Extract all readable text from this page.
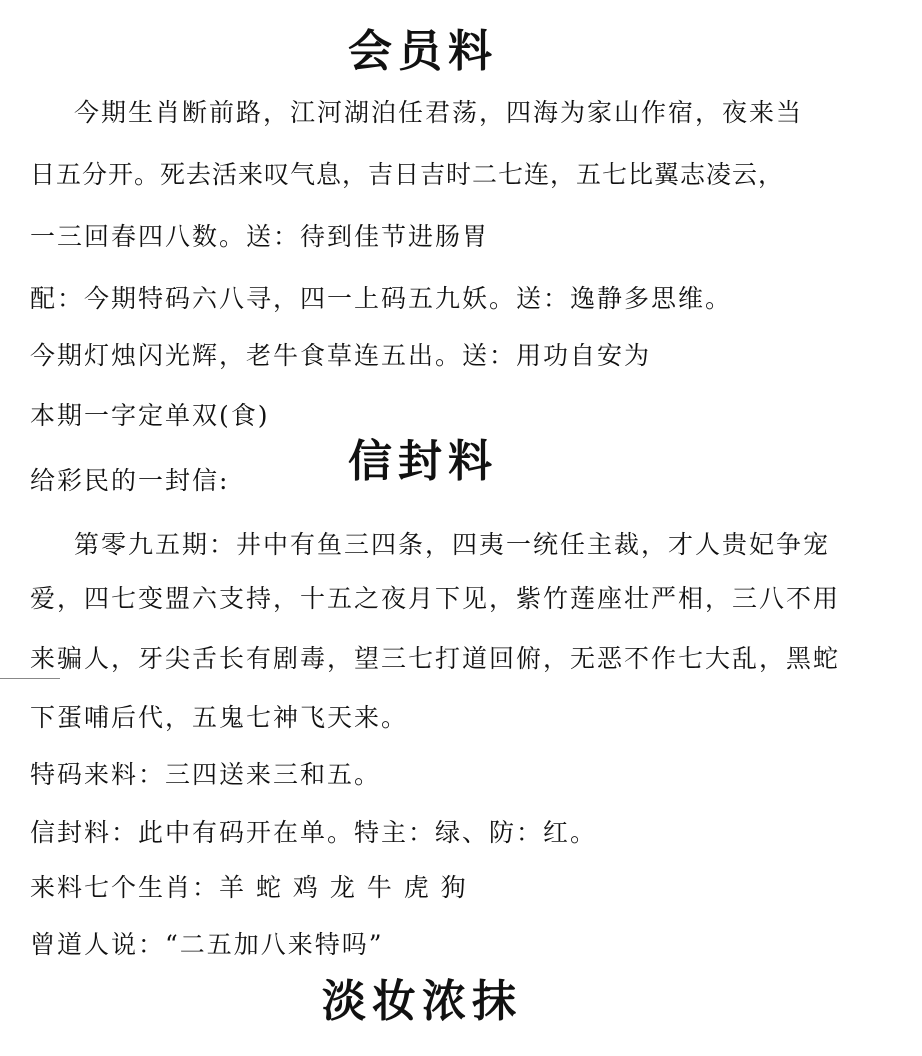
会员料
今期生肖断前路，江河湖泊任君荡，四海为家山作宿，夜来当
日五分开。死去活来叹气息，吉日吉时二七连，五七比翼志凌云，
一三回春四八数。送：待到佳节进肠胃
配：今期特码六八寻，四一上码五九妖。送：逸静多思维。
今期灯烛闪光辉，老牛食草连五出。送：用功自安为
本期一字定单双(食)
信封料
给彩民的一封信:
第零九五期：井中有鱼三四条，四夷一统任主裁，才人贵妃争宠
爱，四七变盟六支持，十五之夜月下见，紫竹莲座壮严相，三八不用
来骗人，牙尖舌长有剧毒，望三七打道回俯，无恶不作七大乱，黑蛇
下蛋哺后代，五鬼七神飞天来。
特码来料：三四送来三和五。
信封料：此中有码开在单。特主：绿、防：红。
来料七个生肖：羊 蛇 鸡 龙 牛 虎 狗
曾道人说：“二五加八来特吗”
淡妆浓抹
